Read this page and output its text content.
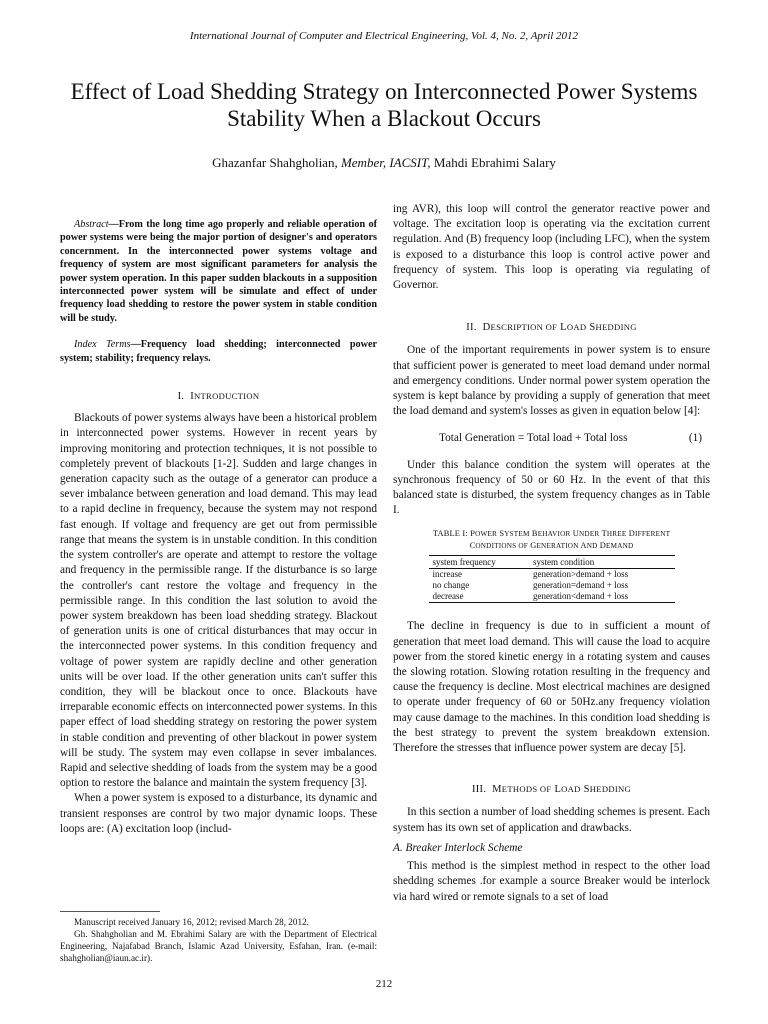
International Journal of Computer and Electrical Engineering, Vol. 4, No. 2, April 2012
Effect of Load Shedding Strategy on Interconnected Power Systems Stability When a Blackout Occurs
Ghazanfar Shahgholian, Member, IACSIT, Mahdi Ebrahimi Salary

Abstract—From the long time ago properly and reliable operation of power systems were being the major portion of designer's and operators concernment. In the interconnected power systems voltage and frequency of system are most significant parameters for analysis the power system operation. In this paper sudden blackouts in a supposition interconnected power system will be simulate and effect of under frequency load shedding to restore the power system in stable condition will be study.

Index Terms—Frequency load shedding; interconnected power system; stability; frequency relays.

I. INTRODUCTION

Blackouts of power systems always have been a historical problem in interconnected power systems. However in recent years by improving monitoring and protection techniques, it is not possible to completely prevent of blackouts [1-2]. Sudden and large changes in generation capacity such as the outage of a generator can produce a sever imbalance between generation and load demand. This may lead to a rapid decline in frequency, because the system may not respond fast enough. If voltage and frequency are get out from permissible range that means the system is in unstable condition. In this condition the system controller's are operate and attempt to restore the voltage and frequency in the permissible range. If the disturbance is so large the controller's cant restore the voltage and frequency in the permissible range. In this condition the last solution to avoid the power system breakdown has been load shedding strategy. Blackout of generation units is one of critical disturbances that may occur in the interconnected power systems. In this condition frequency and voltage of power system are rapidly decline and other generation units will be over load. If the other generation units can't suffer this condition, they will be blackout once to once. Blackouts have irreparable economic effects on interconnected power systems. In this paper effect of load shedding strategy on restoring the power system in stable condition and preventing of other blackout in power system will be study. The system may even collapse in sever imbalances. Rapid and selective shedding of loads from the system may be a good option to restore the balance and maintain the system frequency [3].

When a power system is exposed to a disturbance, its dynamic and transient responses are control by two major dynamic loops. These loops are: (A) excitation loop (includ-

ing AVR), this loop will control the generator reactive power and voltage. The excitation loop is operating via the excitation current regulation. And (B) frequency loop (including LFC), when the system is exposed to a disturbance this loop is control active power and frequency of system. This loop is operating via regulating of Governor.

II. DESCRIPTION OF LOAD SHEDDING

One of the important requirements in power system is to ensure that sufficient power is generated to meet load demand under normal and emergency conditions. Under normal power system operation the system is kept balance by providing a supply of generation that meet the load demand and system's losses as given in equation below [4]:

Total Generation = Total load + Total loss	(1)

Under this balance condition the system will operates at the synchronous frequency of 50 or 60 Hz. In the event of that this balanced state is disturbed, the system frequency changes as in Table I.

TABLE I: POWER SYSTEM BEHAVIOR UNDER THREE DIFFERENT
CONDITIONS OF GENERATION AND DEMAND
system frequency	system condition
increase	generation>demand + loss
no change	generation=demand + loss
decrease	generation<demand + loss

The decline in frequency is due to in sufficient a mount of generation that meet load demand. This will cause the load to acquire power from the stored kinetic energy in a rotating system and causes the slowing rotation. Slowing rotation resulting in the frequency and cause the frequency is decline. Most electrical machines are designed to operate under frequency of 60 or 50Hz.any frequency violation may cause damage to the machines. In this condition load shedding is the best strategy to prevent the system breakdown extension. Therefore the stresses that influence power system are decay [5].

III. METHODS OF LOAD SHEDDING

In this section a number of load shedding schemes is present. Each system has its own set of application and drawbacks.

A. Breaker Interlock Scheme

This method is the simplest method in respect to the other load shedding schemes .for example a source Breaker would be interlock via hard wired or remote signals to a set of load

Manuscript received January 16, 2012; revised March 28, 2012.

Gh. Shahgholian and M. Ebrahimi Salary are with the Department of Electrical Engineering, Najafabad Branch, Islamic Azad University, Esfahan, Iran. (e-mail: shahgholian@iaun.ac.ir).

212
